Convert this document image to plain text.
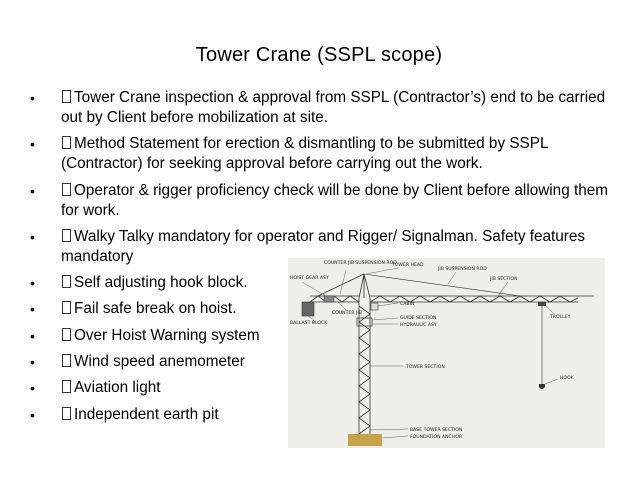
Tower Crane (SSPL scope)
•	Tower Crane inspection & approval from SSPL (Contractor’s) end to be carried out by Client before mobilization at site.
•	Method Statement for erection & dismantling to be submitted by SSPL (Contractor) for seeking approval before carrying out the work.
•	Operator & rigger proficiency check will be done by Client before allowing them for work.
•	Walky Talky mandatory for operator and Rigger/ Signalman. Safety features mandatory
•	Self adjusting hook block.
•	Fail safe break on hoist.
•	Over Hoist Warning system
•	Wind speed anemometer
•	Aviation light
•	Independent earth pit
COUNTER JIB SUSPENSION ROD
TOWER HEAD
JIB SUSPENSION ROD
HOIST GEAR ASY	JIB SECTION
COUNTER JIB
BALLAST BLOCK
CABIN
GUIDE SECTION
HYDRAULIC ASY
TROLLEY
TOWER SECTION
HOOK
BASE TOWER SECTION
FOUNDATION ANCHOR
